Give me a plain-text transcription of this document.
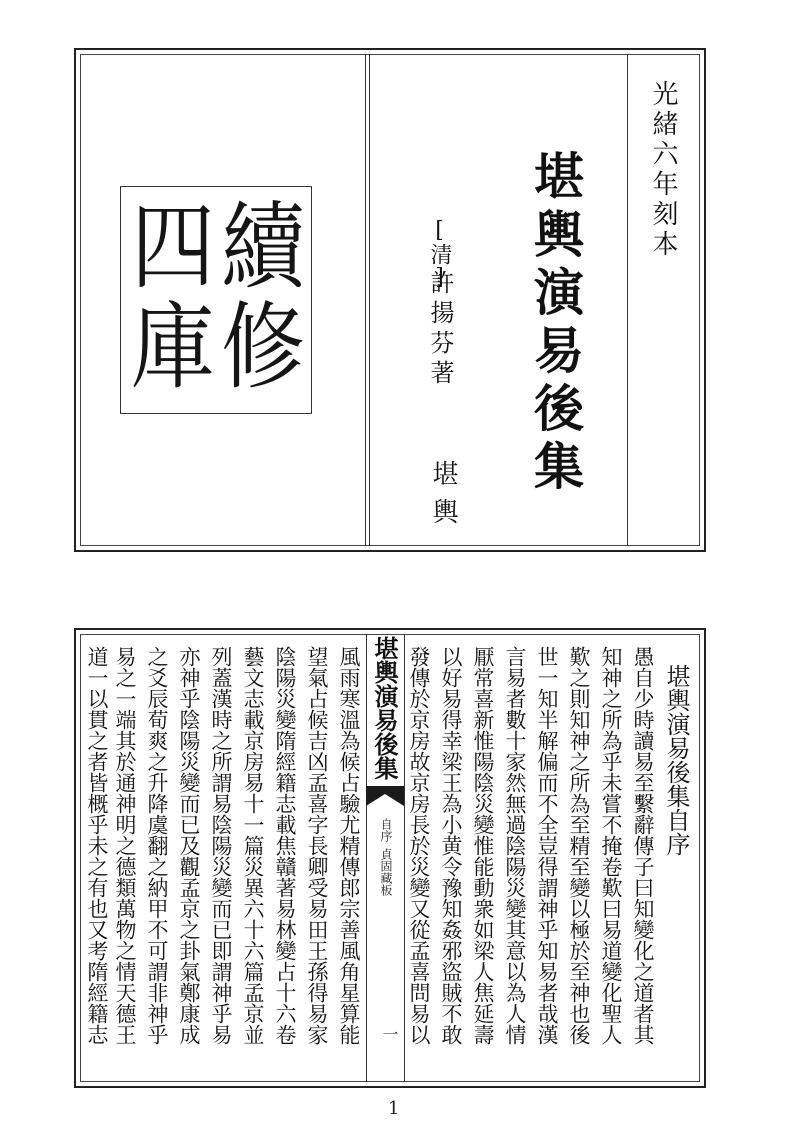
續
修
四
庫
[清]
許揚芬著
堪輿 堪輿演易後集 光緒六年刻本
堪輿演易後集自序
愚自少時讀易至繫辭傳子曰知變化之道者其
知神之所為乎未嘗不掩卷歎曰易道變化聖人
歎之則知神之所為至精至變以極於至神也後
世一知半解偏而不全豈得謂神乎知易者哉漢
言易者數十家然無過陰陽災變其意以為人情
厭常喜新惟陽陰災變惟能動衆如梁人焦延壽
以好易得幸梁王為小黄令豫知姦邪盜賊不敢
發傳於京房故京房長於災變又從孟喜問易以
堪輿演易後集
自序
貞固藏板
一
風雨寒溫為候占驗尤精傳郎宗善風角星算能
望氣占候吉凶孟喜字長卿受易田王孫得易家
陰陽災變隋經籍志載焦贛著易林變占十六卷
藝文志載京房易十一篇災異六十六篇孟京並
列蓋漢時之所謂易陰陽災變而已即謂神乎易
亦神乎陰陽災變而已及觀孟京之卦氣鄭康成
之爻辰荀爽之升降虞翻之納甲不可謂非神乎
易之一端其於通神明之德類萬物之情天德王
道一以貫之者皆概乎未之有也又考隋經籍志
1
